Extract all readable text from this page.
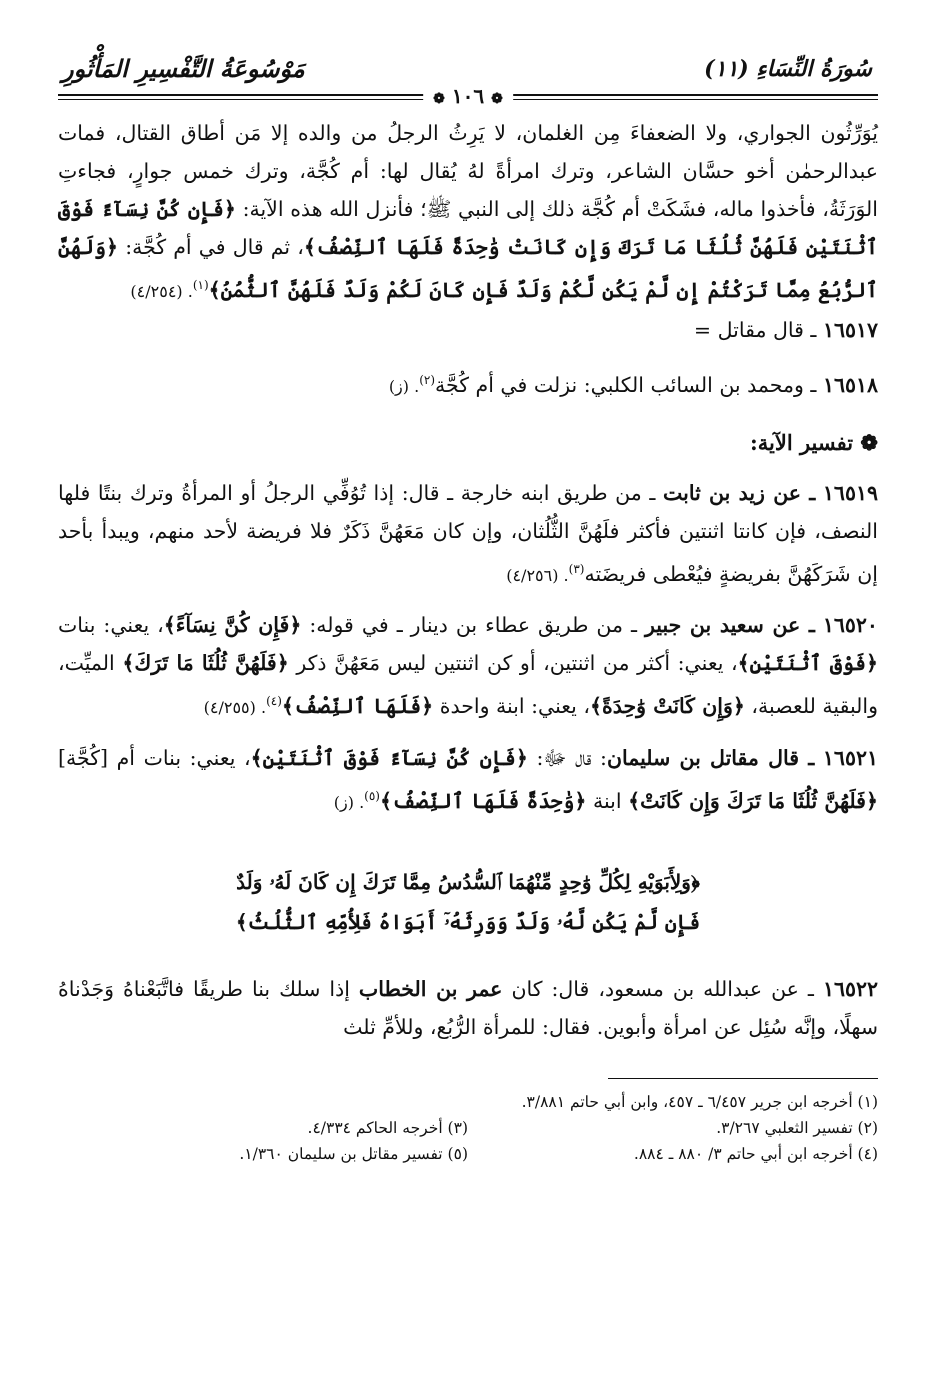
سُورَةُ النِّسَاءِ (١١)
مَوْسُوعَةُ التَّفْسِيرِ المَأْثُورِ
❁ ١٠٦ ❁

يُوَرِّثُون الجواري، ولا الضعفاءَ مِن الغلمان، لا يَرِثُ الرجلُ من والده إلا مَن أطاق القتال، فمات عبدالرحمٰن أخو حسَّان الشاعر، وترك امرأةً لهُ يُقال لها: أم كُجَّة، وترك خمس جوارٍ، فجاءتِ الوَرَثَةُ، فأخذوا ماله، فشَكَتْ أم كُجَّة ذلك إلى النبي ﷺ؛ فأنزل الله هذه الآية: ﴿فَإِن كُنَّ نِسَآءً فَوْقَ ٱثْنَتَيْنِ فَلَهُنَّ ثُلُثَا مَا تَرَكَ وَإِن كَانَتْ وَٰحِدَةً فَلَهَا ٱلنِّصْفُ﴾، ثم قال في أم كُجَّة: ﴿وَلَهُنَّ ٱلرُّبُعُ مِمَّا تَرَكْتُمْ إِن لَّمْ يَكُن لَّكُمْ وَلَدٌ فَإِن كَانَ لَكُمْ وَلَدٌ فَلَهُنَّ ٱلثُّمُنُ﴾$^{(١)}$. (٤/٢٥٤)

١٦٥١٧ ـ قال مقاتل =

١٦٥١٨ ـ ومحمد بن السائب الكلبي: نزلت في أم كُجَّة$^{(٢)}$. (ز)

❁ تفسير الآية:

١٦٥١٩ ـ عن زيد بن ثابت ـ من طريق ابنه خارجة ـ قال: إذا تُوُفِّي الرجلُ أو المرأةُ وترك بنتًا فلها النصف، فإن كانتا اثنتين فأكثر فلَهُنَّ الثُّلُثان، وإن كان مَعَهُنَّ ذَكَرٌ فلا فريضة لأحد منهم، ويبدأ بأحد إن شَرَكَهُنَّ بفريضةٍ فيُعْطى فريضَته$^{(٣)}$. (٤/٢٥٦)

١٦٥٢٠ ـ عن سعيد بن جبير ـ من طريق عطاء بن دينار ـ في قوله: ﴿فَإِن كُنَّ نِسَآءً﴾، يعني: بنات ﴿فَوْقَ ٱثْنَتَيْنِ﴾، يعني: أكثر من اثنتين، أو كن اثنتين ليس مَعَهُنَّ ذكر ﴿فَلَهُنَّ ثُلُثَا مَا تَرَكَ﴾ الميِّت، والبقية للعصبة، ﴿وَإِن كَانَتْ وَٰحِدَةً﴾، يعني: ابنة واحدة ﴿فَلَهَا ٱلنِّصْفُ﴾$^{(٤)}$. (٤/٢٥٥)

١٦٥٢١ ـ قال مقاتل بن سليمان: قال ﷻ: ﴿فَإِن كُنَّ نِسَآءً فَوْقَ ٱثْنَتَيْنِ﴾، يعني: بنات أم [كُجَّة] ﴿فَلَهُنَّ ثُلُثَا مَا تَرَكَ وَإِن كَانَتْ﴾ ابنة ﴿وَٰحِدَةً فَلَهَا ٱلنِّصْفُ﴾$^{(٥)}$. (ز)

﴿وَلِأَبَوَيْهِ لِكُلِّ وَٰحِدٍ مِّنْهُمَا ٱلسُّدُسُ مِمَّا تَرَكَ إِن كَانَ لَهُۥ وَلَدٌ
فَإِن لَّمْ يَكُن لَّهُۥ وَلَدٌ وَوَرِثَهُۥٓ أَبَوَاهُ فَلِأُمِّهِ ٱلثُّلُثُ﴾

١٦٥٢٢ ـ عن عبدالله بن مسعود، قال: كان عمر بن الخطاب إذا سلك بنا طريقًا فاتَّبَعْناهُ وَجَدْناهُ سهلًا، وإنَّه سُئِل عن امرأة وأبوين. فقال: للمرأة الرُّبُع، وللأمِّ ثلث

(١) أخرجه ابن جرير ٦/٤٥٧ ـ ٤٥٧، وابن أبي حاتم ٣/٨٨١.
(٢) تفسير الثعلبي ٣/٢٦٧.
(٣) أخرجه الحاكم ٤/٣٣٤.
(٤) أخرجه ابن أبي حاتم ٣/ ٨٨٠ ـ ٨٨٤.
(٥) تفسير مقاتل بن سليمان ١/٣٦٠.
